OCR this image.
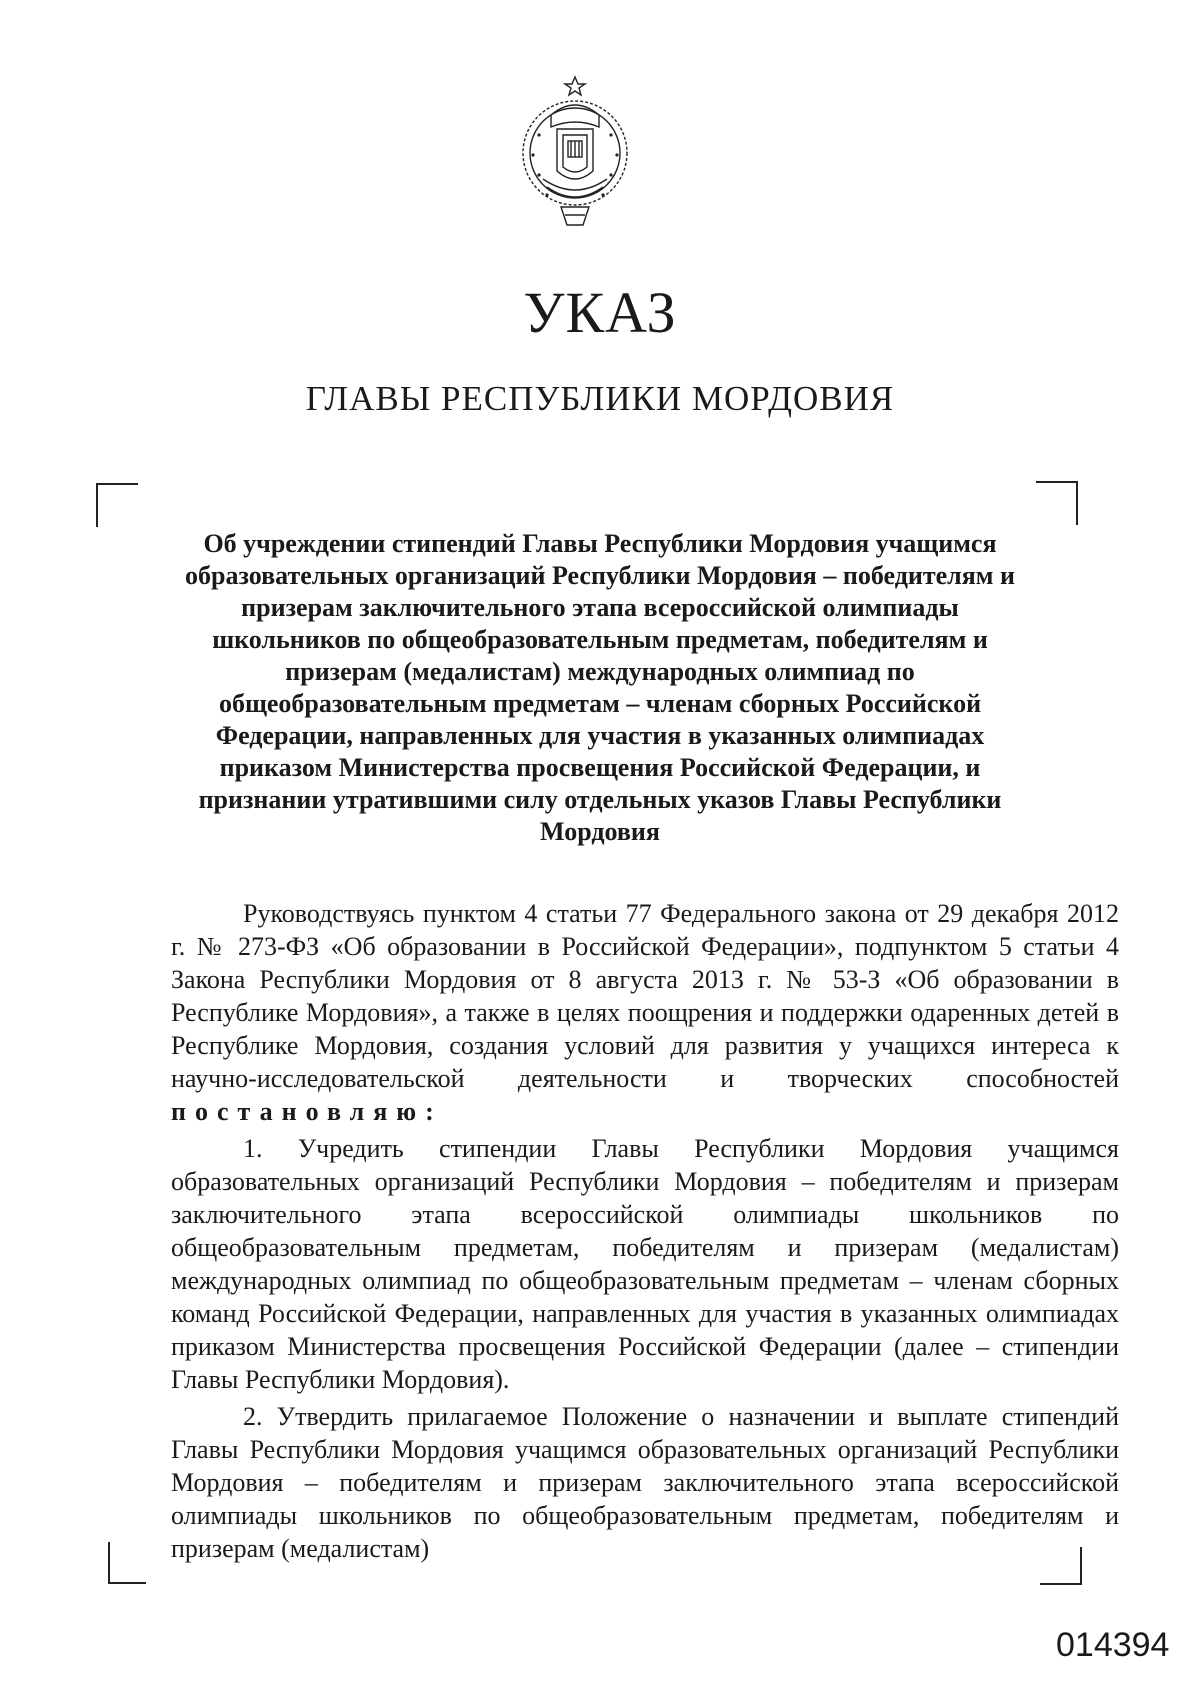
УКАЗ
ГЛАВЫ РЕСПУБЛИКИ МОРДОВИЯ
Об учреждении стипендий Главы Республики Мордовия учащимся образовательных организаций Республики Мордовия – победителям и призерам заключительного этапа всероссийской олимпиады школьников по общеобразовательным предметам, победителям и призерам (медалистам) международных олимпиад по общеобразовательным предметам – членам сборных Российской Федерации, направленных для участия в указанных олимпиадах приказом Министерства просвещения Российской Федерации, и признании утратившими силу отдельных указов Главы Республики Мордовия

Руководствуясь пунктом 4 статьи 77 Федерального закона от 29 декабря 2012 г. № 273-ФЗ «Об образовании в Российской Федерации», подпунктом 5 статьи 4 Закона Республики Мордовия от 8 августа 2013 г. № 53-З «Об образовании в Республике Мордовия», а также в целях поощрения и поддержки одаренных детей в Республике Мордовия, создания условий для развития у учащихся интереса к научно-исследовательской деятельности и творческих способностей постановляю:

1. Учредить стипендии Главы Республики Мордовия учащимся образовательных организаций Республики Мордовия – победителям и призерам заключительного этапа всероссийской олимпиады школьников по общеобразовательным предметам, победителям и призерам (медалистам) международных олимпиад по общеобразовательным предметам – членам сборных команд Российской Федерации, направленных для участия в указанных олимпиадах приказом Министерства просвещения Российской Федерации (далее – стипендии Главы Республики Мордовия).

2. Утвердить прилагаемое Положение о назначении и выплате стипендий Главы Республики Мордовия учащимся образовательных организаций Республики Мордовия – победителям и призерам заключительного этапа всероссийской олимпиады школьников по общеобразовательным предметам, победителям и призерам (медалистам)

014394
